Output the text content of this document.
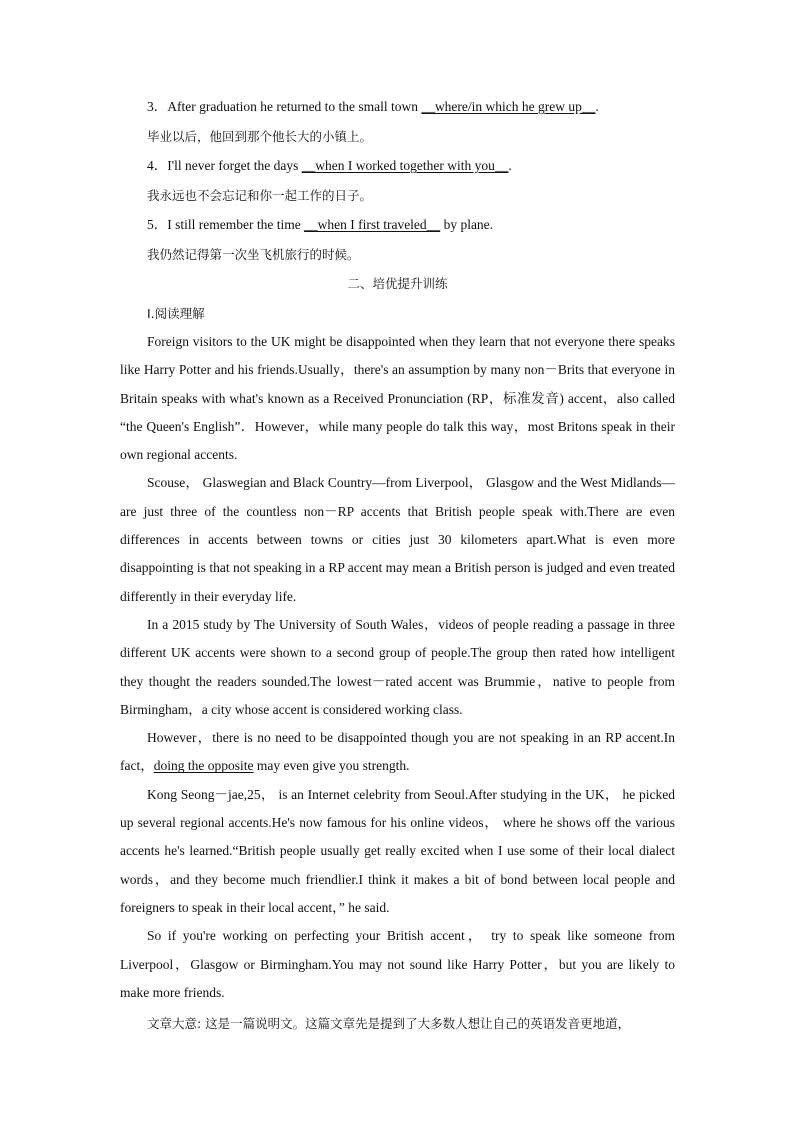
3．After graduation he returned to the small town __where/in which he grew up__.

毕业以后，他回到那个他长大的小镇上。

4．I'll never forget the days __when I worked together with you__.

我永远也不会忘记和你一起工作的日子。

5．I still remember the time __when I first traveled__ by plane.

我仍然记得第一次坐飞机旅行的时候。

二、培优提升训练

Ⅰ.阅读理解

Foreign visitors to the UK might be disappointed when they learn that not everyone there speaks like Harry Potter and his friends.Usually，there's an assumption by many non－Brits that everyone in Britain speaks with what's known as a Received Pronunciation (RP，标准发音) accent，also called “the Queen's English”．However，while many people do talk this way，most Britons speak in their own regional accents.

Scouse， Glaswegian and Black Country—from Liverpool， Glasgow and the West Midlands—are just three of the countless non－RP accents that British people speak with.There are even differences in accents between towns or cities just 30 kilometers apart.What is even more disappointing is that not speaking in a RP accent may mean a British person is judged and even treated differently in their everyday life.

In a 2015 study by The University of South Wales，videos of people reading a passage in three different UK accents were shown to a second group of people.The group then rated how intelligent they thought the readers sounded.The lowest－rated accent was Brummie，native to people from Birmingham，a city whose accent is considered working class.

However，there is no need to be disappointed though you are not speaking in an RP accent.In fact，doing the opposite may even give you strength.

Kong Seong－jae,25， is an Internet celebrity from Seoul.After studying in the UK， he picked up several regional accents.He's now famous for his online videos， where he shows off the various accents he's learned.“British people usually get really excited when I use some of their local dialect words，and they become much friendlier.I think it makes a bit of bond between local people and foreigners to speak in their local accent，” he said.

So if you're working on perfecting your British accent， try to speak like someone from Liverpool，Glasgow or Birmingham.You may not sound like Harry Potter，but you are likely to make more friends.

文章大意: 这是一篇说明文。这篇文章先是提到了大多数人想让自己的英语发音更地道，
